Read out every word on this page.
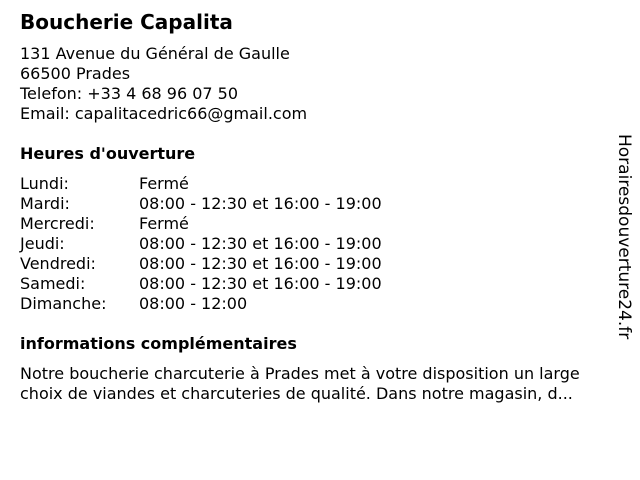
Boucherie Capalita
131 Avenue du Général de Gaulle
66500 Prades
Telefon: +33 4 68 96 07 50
Email: capalitacedric66@gmail.com
Heures d'ouverture
Lundi:	Fermé
Mardi:	08:00 - 12:30 et 16:00 - 19:00
Mercredi:	Fermé
Jeudi:	08:00 - 12:30 et 16:00 - 19:00
Vendredi:	08:00 - 12:30 et 16:00 - 19:00
Samedi:	08:00 - 12:30 et 16:00 - 19:00
Dimanche: 08:00 - 12:00
informations complémentaires
Notre boucherie charcuterie à Prades met à votre disposition un large
choix de viandes et charcuteries de qualité. Dans notre magasin, d...
Horairesdouverture24.fr
